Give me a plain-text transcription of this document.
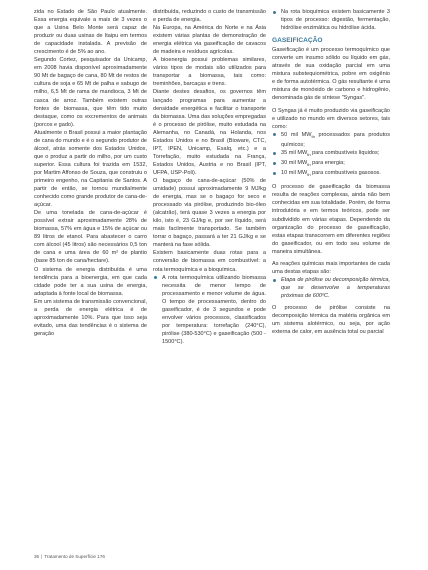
zida no Estado de São Paulo atualmente. Essa energia equivale a mais de 3 vezes o que a Usina Belo Monte será capaz de produzir ou duas usinas de Itaipu em termos de capacidade instalada. A previsão de crescimento é de 5% ao ano.

Segundo Cortez, pesquisador da Unicamp, em 2008 havia disponível aproximadamente 90 Mt de bagaço de cana, 80 Mt de restos de cultura de soja e 65 Mt de palha e sabugo de milho, 6,5 Mt de rama de mandioca, 3 Mt de casca de arroz. Também existem outras fontes de biomassa, que têm tido muito destaque, como os excrementos de animais (porcos e gado).

Atualmente o Brasil possui a maior plantação de cana do mundo e é o segundo produtor de álcool, atrás somente dos Estados Unidos, que o produz a partir do milho, por um custo superior. Essa cultura foi trazida em 1532, por Martim Affonso de Souza, que construiu o primeiro engenho, na Capitania de Santos. A partir de então, se tornou mundialmente conhecido como grande produtor de cana-de-açúcar.

De uma tonelada de cana-de-açúcar é possível extrair aproximadamente 28% de biomassa, 57% em água e 15% de açúcar ou 89 litros de etanol. Para abastecer o carro com álcool (45 litros) são necessários 0,5 ton de cana e uma área de 60 m² de plantio (base 85 ton de cana/hectare).

O sistema de energia distribuída é uma tendência para a bioenergia, em que cada cidade pode ter a sua usina de energia, adaptada à fonte local de biomassa.

Em um sistema de transmissão convencional, a perda de energia elétrica é de aproximadamente 10%. Para que isso seja evitado, uma das tendências é o sistema de geração

distribuída, reduzindo o custo de transmissão e perda de energia.

Na Europa, na América do Norte e na Ásia existem várias plantas de demonstração de energia elétrica via gaseificação de cavacos de madeira e resíduos agrícolas.

A bioenergia possui problemas similares, vários tipos de modais são utilizados para transportar a biomassa, tais como: treminhões, barcaças e trens.

Diante destes desafios, os governos têm lançado programas para aumentar a densidade energética e facilitar o transporte da biomassa. Uma das soluções empregadas é o processo de pirólise, muito estudada na Alemanha, no Canadá, na Holanda, nos Estados Unidos e no Brasil (Bioware, CTC, IPT, IPEN, Unicamp, Esalq, etc.) e a Torrefação, muito estudada na França, Estados Unidos, Austria e no Brasil (IPT, UFPA, USP-Poli).

O bagaço de cana-de-açúcar (50% de umidade) possui aproximadamente 9 MJ/kg de energia, mas se o bagaço for seco e processado via pirólise, produzindo bio-óleo (alcatrão), terá quase 3 vezes a energia por kilo, isto é, 23 GJ/kg e, por ser líquido, será mais facilmente transportado. Se também torrar o bagaço, passará a ter 21 GJ/kg e se manterá na fase sólida.

Existem basicamente duas rotas para a conversão de biomassa em combustível: a rota termoquímica e a bioquímica.

A rota termoquímica utilizando biomassa necessita de menor tempo de processamento e menor volume de água. O tempo de processamento, dentro do gaseificador, é de 3 segundos e pode envolver vários processos, classificados por temperatura: torrefação (240°C), pirólise (380-530°C) e gaseificação (500 - 1500°C).
Na rota bioquímica existem basicamente 3 tipos de processo: digestão, fermentação, hidrólise enzimática ou hidrólise ácida.
GASEIFICAÇÃO

Gaseificação é um processo termoquímico que converte um insumo sólido ou líquido em gás, através de sua oxidação parcial em uma mistura substequiométrica, pobre em oxigênio e de forma autotérmica. O gás resultante é uma mistura de monóxido de carbono e hidrogênio, denominada gás de síntese "Syngas".

O Syngas já é muito produzido via gaseificação e utilizado no mundo em diversos setores, tais como:

50 mil $MW_{th}$ processados para produtos químicos;
35 mil $MW_{th}$ para combustíveis líquidos;
30 mil $MW_{th}$ para energia;
10 mil $MW_{th}$ para combustíveis gasosos.

O processo de gaseificação da biomassa resulta de reações complexas, ainda não bem conhecidas em sua totalidade. Porém, de forma introdutória e em termos teóricos, pode ser subdividido em várias etapas. Dependendo da organização do processo de gaseificação, estas etapas transcorrem em diferentes regiões do gaseificador, ou em todo seu volume de maneira simultânea.

As reações químicas mais importantes de cada uma destas etapas são:

Etapa de pirólise ou decomposição térmica, que se desenvolve a temperaturas próximas de 600ºC.

O processo de pirólise consiste na decomposição térmica da matéria orgânica em um sistema alotérmico, ou seja, por ação externa de calor, em ausência total ou parcial

36 | Tratamento de Superfície 176
